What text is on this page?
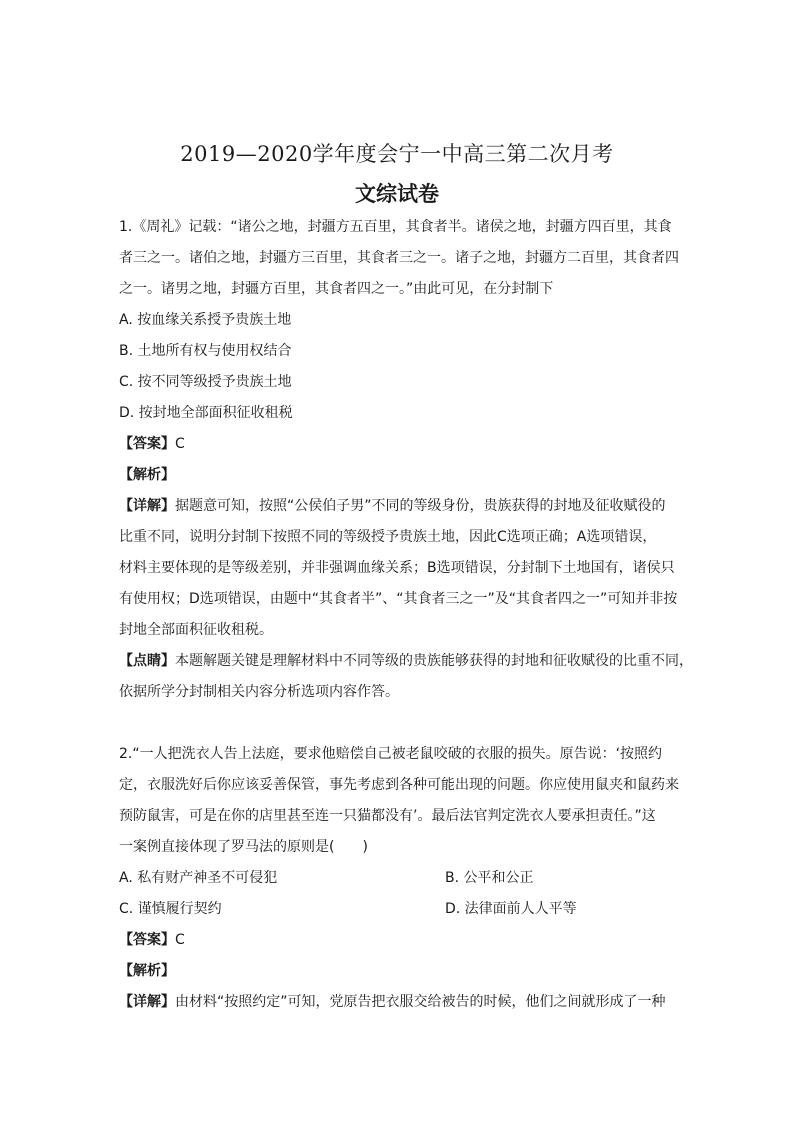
2019—2020学年度会宁一中高三第二次月考
文综试卷
1.《周礼》记载：“诸公之地，封疆方五百里，其食者半。诸侯之地，封疆方四百里，其食
者三之一。诸伯之地，封疆方三百里，其食者三之一。诸子之地，封疆方二百里，其食者四
之一。诸男之地，封疆方百里，其食者四之一。”由此可见，在分封制下
A. 按血缘关系授予贵族土地
B. 土地所有权与使用权结合
C. 按不同等级授予贵族土地
D. 按封地全部面积征收租税
【答案】C
【解析】
【详解】据题意可知，按照“公侯伯子男”不同的等级身份，贵族获得的封地及征收赋役的
比重不同，说明分封制下按照不同的等级授予贵族土地，因此C选项正确；A选项错误，
材料主要体现的是等级差别，并非强调血缘关系；B选项错误，分封制下土地国有，诸侯只
有使用权；D选项错误，由题中“其食者半”、“其食者三之一”及“其食者四之一”可知并非按
封地全部面积征收租税。
【点睛】本题解题关键是理解材料中不同等级的贵族能够获得的封地和征收赋役的比重不同，
依据所学分封制相关内容分析选项内容作答。
2.“一人把洗衣人告上法庭，要求他赔偿自己被老鼠咬破的衣服的损失。原告说：‘按照约
定，衣服洗好后你应该妥善保管，事先考虑到各种可能出现的问题。你应使用鼠夹和鼠药来
预防鼠害，可是在你的店里甚至连一只猫都没有’。最后法官判定洗衣人要承担责任。”这
一案例直接体现了罗马法的原则是(　　)
A. 私有财产神圣不可侵犯	B. 公平和公正
C. 谨慎履行契约	D. 法律面前人人平等
【答案】C
【解析】
【详解】由材料“按照约定”可知，党原告把衣服交给被告的时候，他们之间就形成了一种
